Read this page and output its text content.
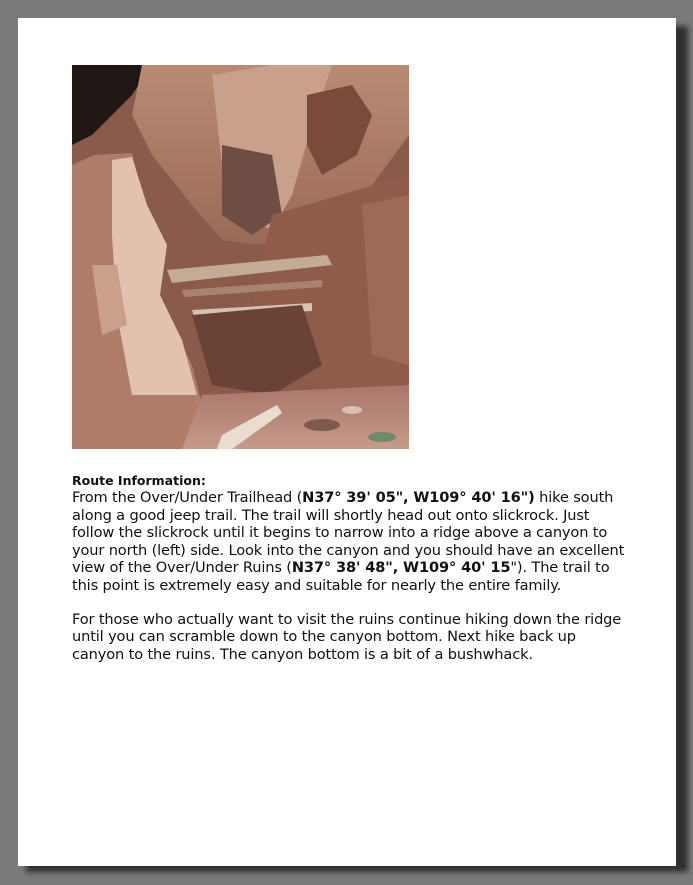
Route Information:

From the Over/Under Trailhead (N37° 39' 05", W109° 40' 16") hike south along a good jeep trail. The trail will shortly head out onto slickrock. Just follow the slickrock until it begins to narrow into a ridge above a canyon to your north (left) side. Look into the canyon and you should have an excellent view of the Over/Under Ruins (N37° 38' 48", W109° 40' 15"). The trail to this point is extremely easy and suitable for nearly the entire family.

For those who actually want to visit the ruins continue hiking down the ridge until you can scramble down to the canyon bottom. Next hike back up canyon to the ruins. The canyon bottom is a bit of a bushwhack.
